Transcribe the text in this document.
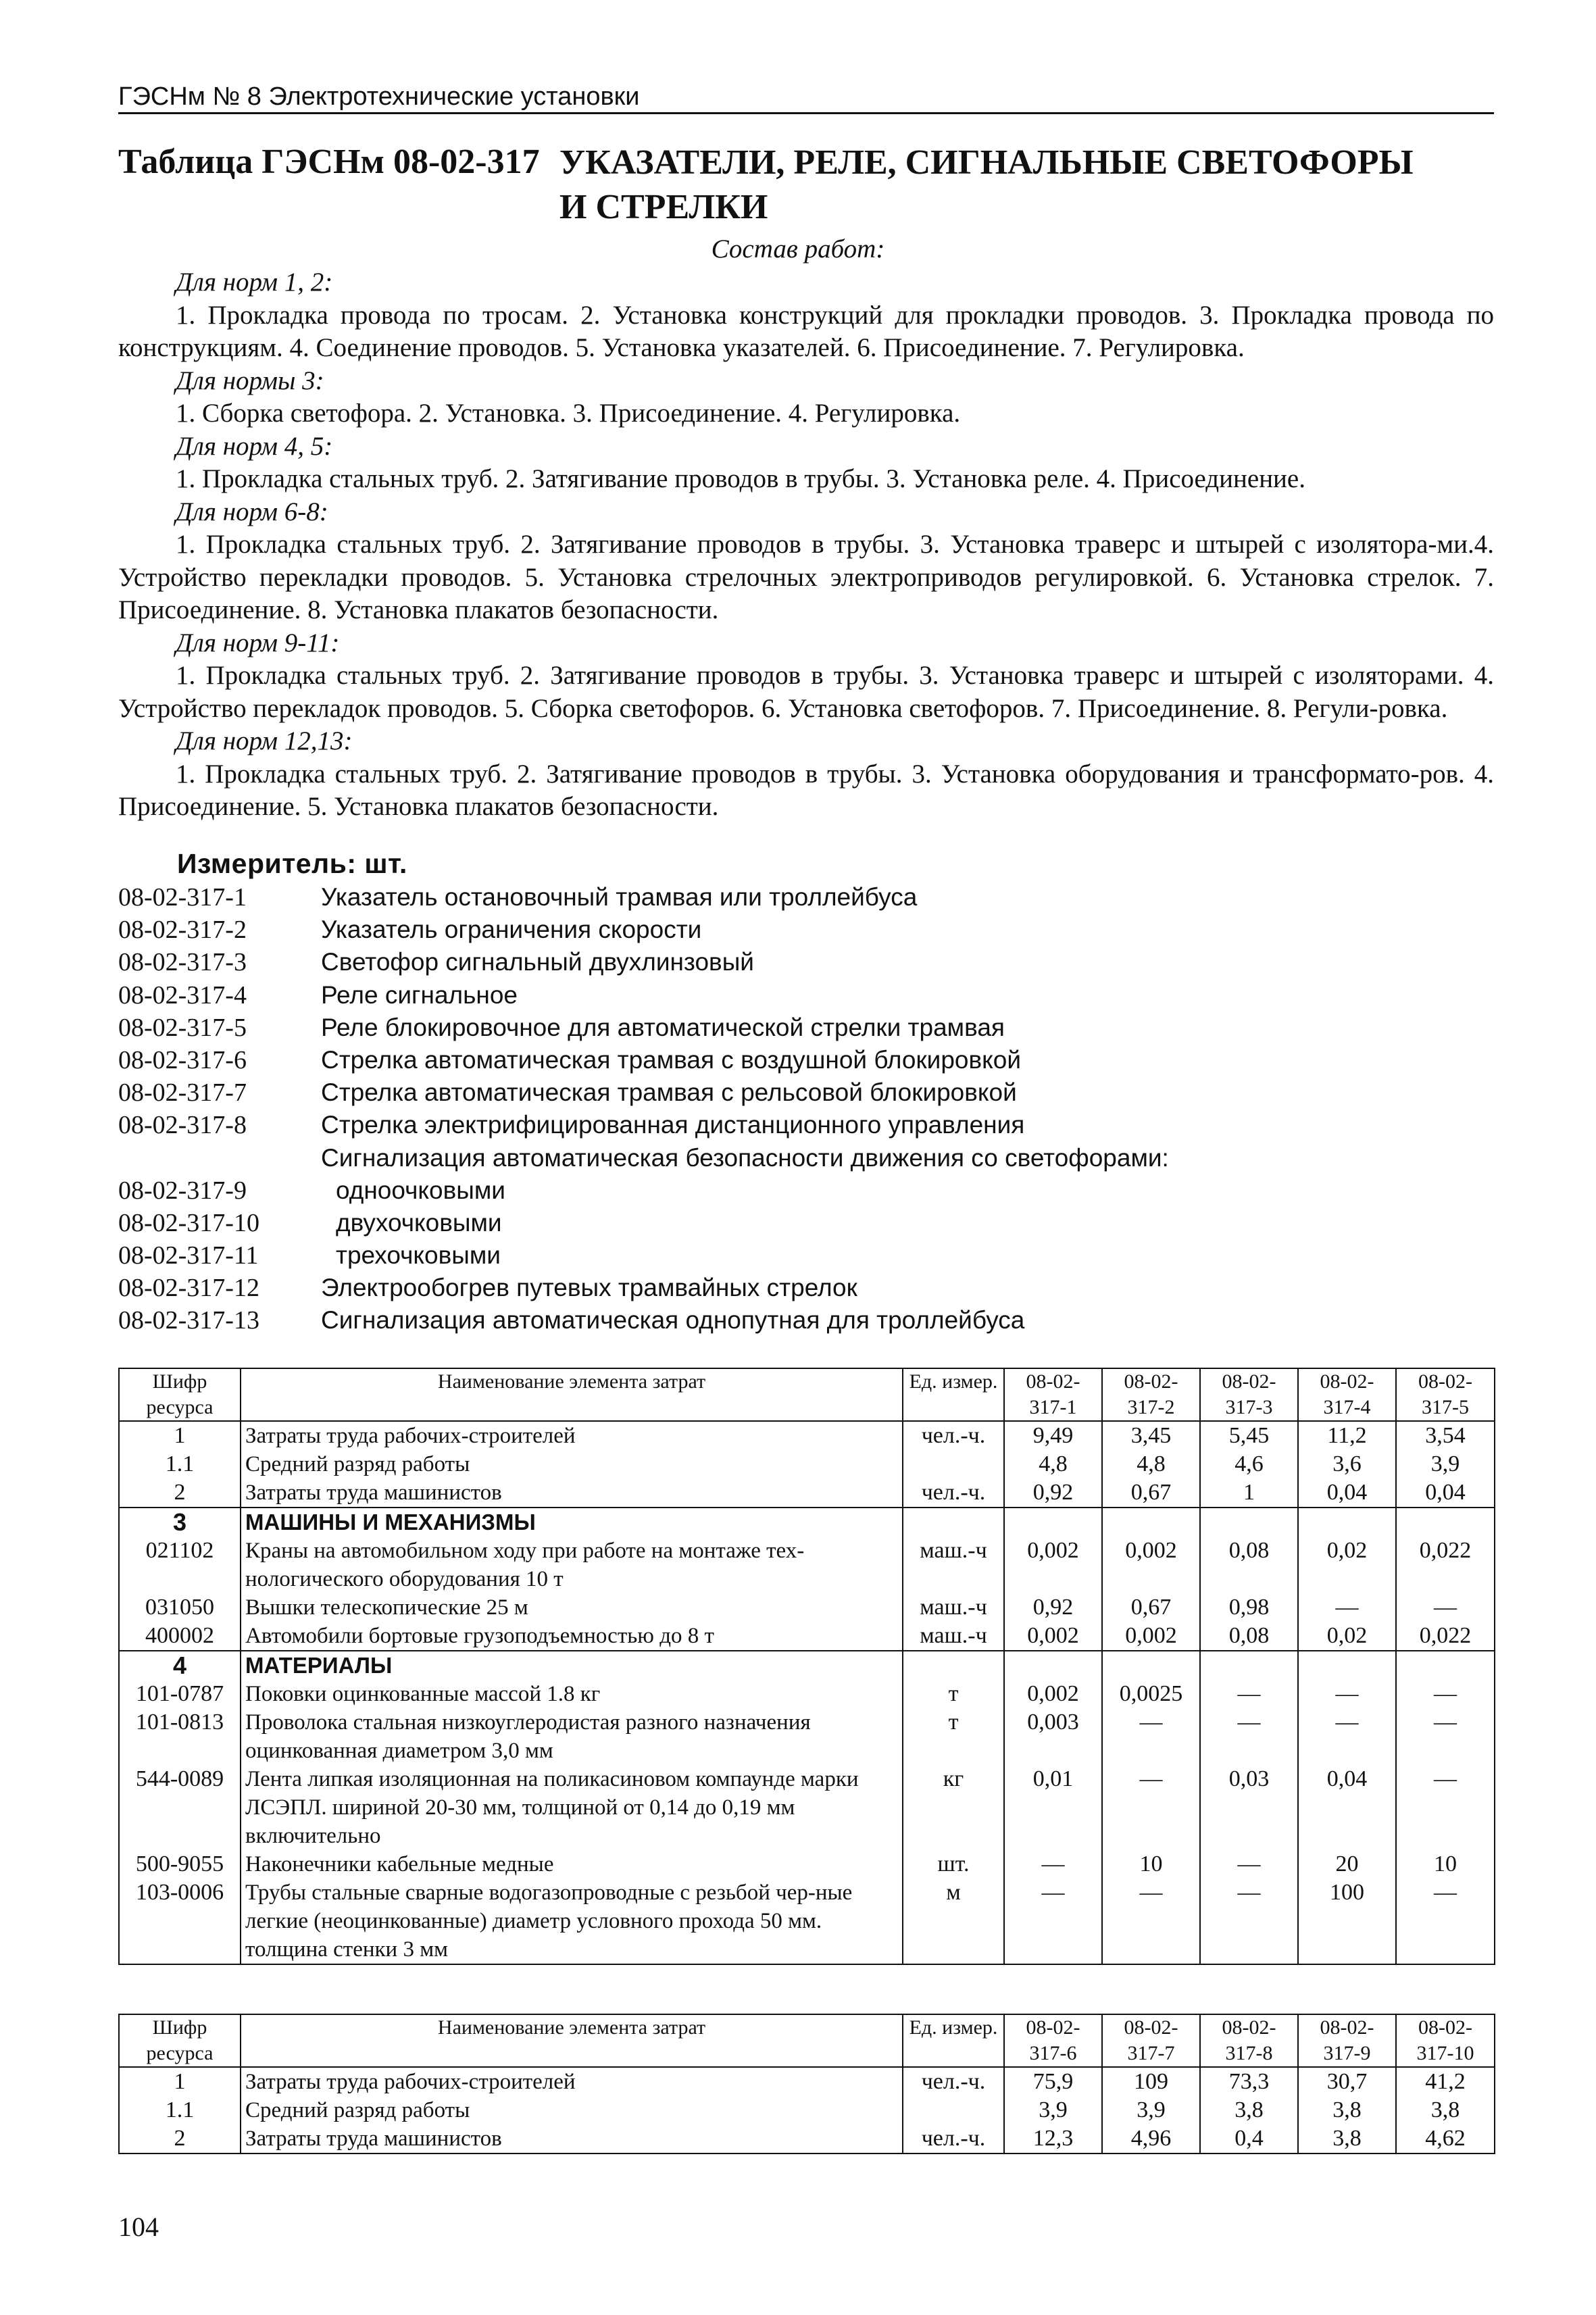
ГЭСНм № 8 Электротехнические установки
Таблица ГЭСНм 08-02-317 УКАЗАТЕЛИ, РЕЛЕ, СИГНАЛЬНЫЕ СВЕТОФОРЫ И СТРЕЛКИ
Состав работ:

Для норм 1, 2:

1. Прокладка провода по тросам. 2. Установка конструкций для прокладки проводов. 3. Прокладка провода по конструкциям. 4. Соединение проводов. 5. Установка указателей. 6. Присоединение. 7. Регулировка.

Для нормы 3:

1. Сборка светофора. 2. Установка. 3. Присоединение. 4. Регулировка.

Для норм 4, 5:

1. Прокладка стальных труб. 2. Затягивание проводов в трубы. 3. Установка реле. 4. Присоединение.

Для норм 6-8:

1. Прокладка стальных труб. 2. Затягивание проводов в трубы. 3. Установка траверс и штырей с изолятора-ми.4. Устройство перекладки проводов. 5. Установка стрелочных электроприводов регулировкой. 6. Установка стрелок. 7. Присоединение. 8. Установка плакатов безопасности.

Для норм 9-11:

1. Прокладка стальных труб. 2. Затягивание проводов в трубы. 3. Установка траверс и штырей с изоляторами. 4. Устройство перекладок проводов. 5. Сборка светофоров. 6. Установка светофоров. 7. Присоединение. 8. Регули-ровка.

Для норм 12,13:

1. Прокладка стальных труб. 2. Затягивание проводов в трубы. 3. Установка оборудования и трансформато-ров. 4. Присоединение. 5. Установка плакатов безопасности.

Измеритель: шт.
08-02-317-1	Указатель остановочный трамвая или троллейбуса
08-02-317-2	Указатель ограничения скорости
08-02-317-3	Светофор сигнальный двухлинзовый
08-02-317-4	Реле сигнальное
08-02-317-5	Реле блокировочное для автоматической стрелки трамвая
08-02-317-6	Стрелка автоматическая трамвая с воздушной блокировкой
08-02-317-7	Стрелка автоматическая трамвая с рельсовой блокировкой
08-02-317-8	Стрелка электрифицированная дистанционного управления
Сигнализация автоматическая безопасности движения со светофорами:
08-02-317-9	одноочковыми
08-02-317-10	двухочковыми
08-02-317-11	трехочковыми
08-02-317-12	Электрообогрев путевых трамвайных стрелок
08-02-317-13	Сигнализация автоматическая однопутная для троллейбуса
Шифр ресурса	Наименование элемента затрат	Ед. измер.	08-02-317-1	08-02-317-2	08-02-317-3	08-02-317-4	08-02-317-5
1	Затраты труда рабочих-строителей	чел.-ч.	9,49	3,45	5,45	11,2	3,54
1.1	Средний разряд работы		4,8	4,8	4,6	3,6	3,9
2	Затраты труда машинистов	чел.-ч.	0,92	0,67	1	0,04	0,04
3	МАШИНЫ И МЕХАНИЗМЫ						
021102	Краны на автомобильном ходу при работе на монтаже тех-нологического оборудования 10 т	маш.-ч	0,002	0,002	0,08	0,02	0,022
031050	Вышки телескопические 25 м	маш.-ч	0,92	0,67	0,98	—	—
400002	Автомобили бортовые грузоподъемностью до 8 т	маш.-ч	0,002	0,002	0,08	0,02	0,022
4	МАТЕРИАЛЫ						
101-0787	Поковки оцинкованные массой 1.8 кг	т	0,002	0,0025	—	—	—
101-0813	Проволока стальная низкоуглеродистая разного назначения оцинкованная диаметром 3,0 мм	т	0,003	—	—	—	—
544-0089	Лента липкая изоляционная на поликасиновом компаунде марки ЛСЭПЛ. шириной 20-30 мм, толщиной от 0,14 до 0,19 мм включительно	кг	0,01	—	0,03	0,04	—
500-9055	Наконечники кабельные медные	шт.	—	10	—	20	10
103-0006	Трубы стальные сварные водогазопроводные с резьбой чер-ные легкие (неоцинкованные) диаметр условного прохода 50 мм. толщина стенки 3 мм	м	—	—	—	100	—
Шифр ресурса	Наименование элемента затрат	Ед. измер.	08-02-317-6	08-02-317-7	08-02-317-8	08-02-317-9	08-02-317-10
1	Затраты труда рабочих-строителей	чел.-ч.	75,9	109	73,3	30,7	41,2
1.1	Средний разряд работы		3,9	3,9	3,8	3,8	3,8
2	Затраты труда машинистов	чел.-ч.	12,3	4,96	0,4	3,8	4,62
104
